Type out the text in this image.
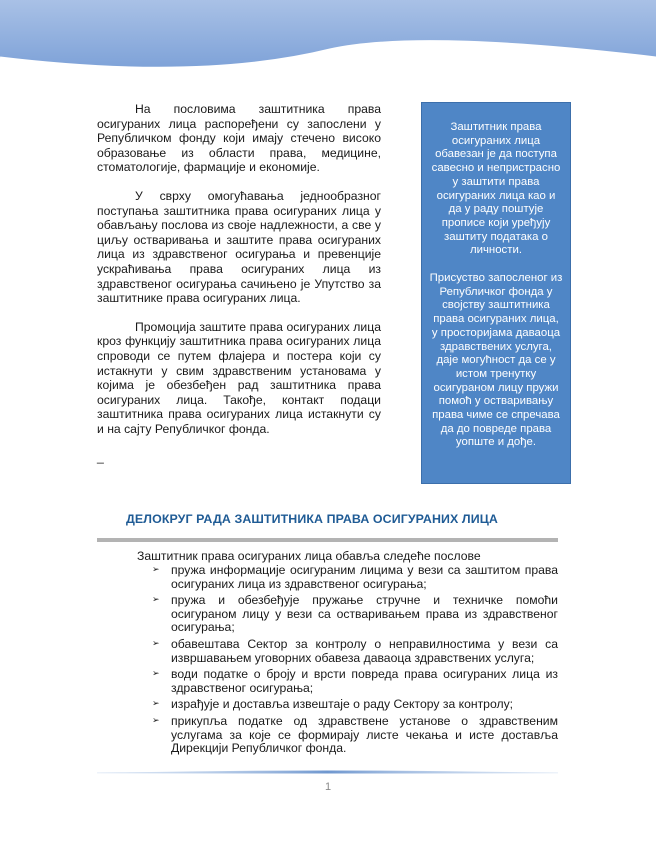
На пословима заштитника права осигураних лица распоређени су запослени у Републичком фонду који имају стечено високо образовање из области права, медицине, стоматологије, фармације и економије.

У сврху омогућавања једнообразног поступања заштитника права осигураних лица у обављању послова из своје надлежности, а све у циљу остваривања и заштите права осигураних лица из здравственог осигурања и превенције ускраћивања права осигураних лица из здравственог осигурања сачињено је Упутство за заштитнике права осигураних лица.

Промоција заштите права осигураних лица кроз функцију заштитника права осигураних лица спроводи се путем флајера и постера који су истакнути у свим здравственим установама у којима је обезбеђен рад заштитника права осигураних лица. Такође, контакт подаци заштитника права осигураних лица истакнути су и на сајту Републичког фонда.

_

Заштитник права осигураних лица обавезан је да поступа савесно и непристрасно у заштити права осигураних лица као и да у раду поштује прописе који уређују заштиту података о личности.

Присуство запосленог из Републичког фонда у својству заштитника права осигураних лица, у просторијама даваоца здравствених услуга, даје могућност да се у истом тренутку осигураном лицу пружи помоћ у остваривању права чиме се спречава да до повреде права уопште и дође.

ДЕЛОКРУГ РАДА ЗАШТИТНИКА ПРАВА ОСИГУРАНИХ ЛИЦА
Заштитник права осигураних лица обавља следеће послове
➢ пружа информације осигураним лицима у вези са заштитом права осигураних лица из здравственог осигурања;
➢ пружа и обезбеђује пружање стручне и техничке помоћи осигураном лицу у вези са остваривањем права из здравственог осигурања;
➢ обавештава Сектор за контролу о неправилностима у вези са извршавањем уговорних обавеза даваоца здравствених услуга;
➢ води податке о броју и врсти повреда права осигураних лица из здравственог осигурања;
➢ израђује и доставља извештаје о раду Сектору за контролу;
➢ прикупља податке од здравствене установе о здравственим услугама за које се формирају листе чекања и исте доставља Дирекцији Републичког фонда.
1
